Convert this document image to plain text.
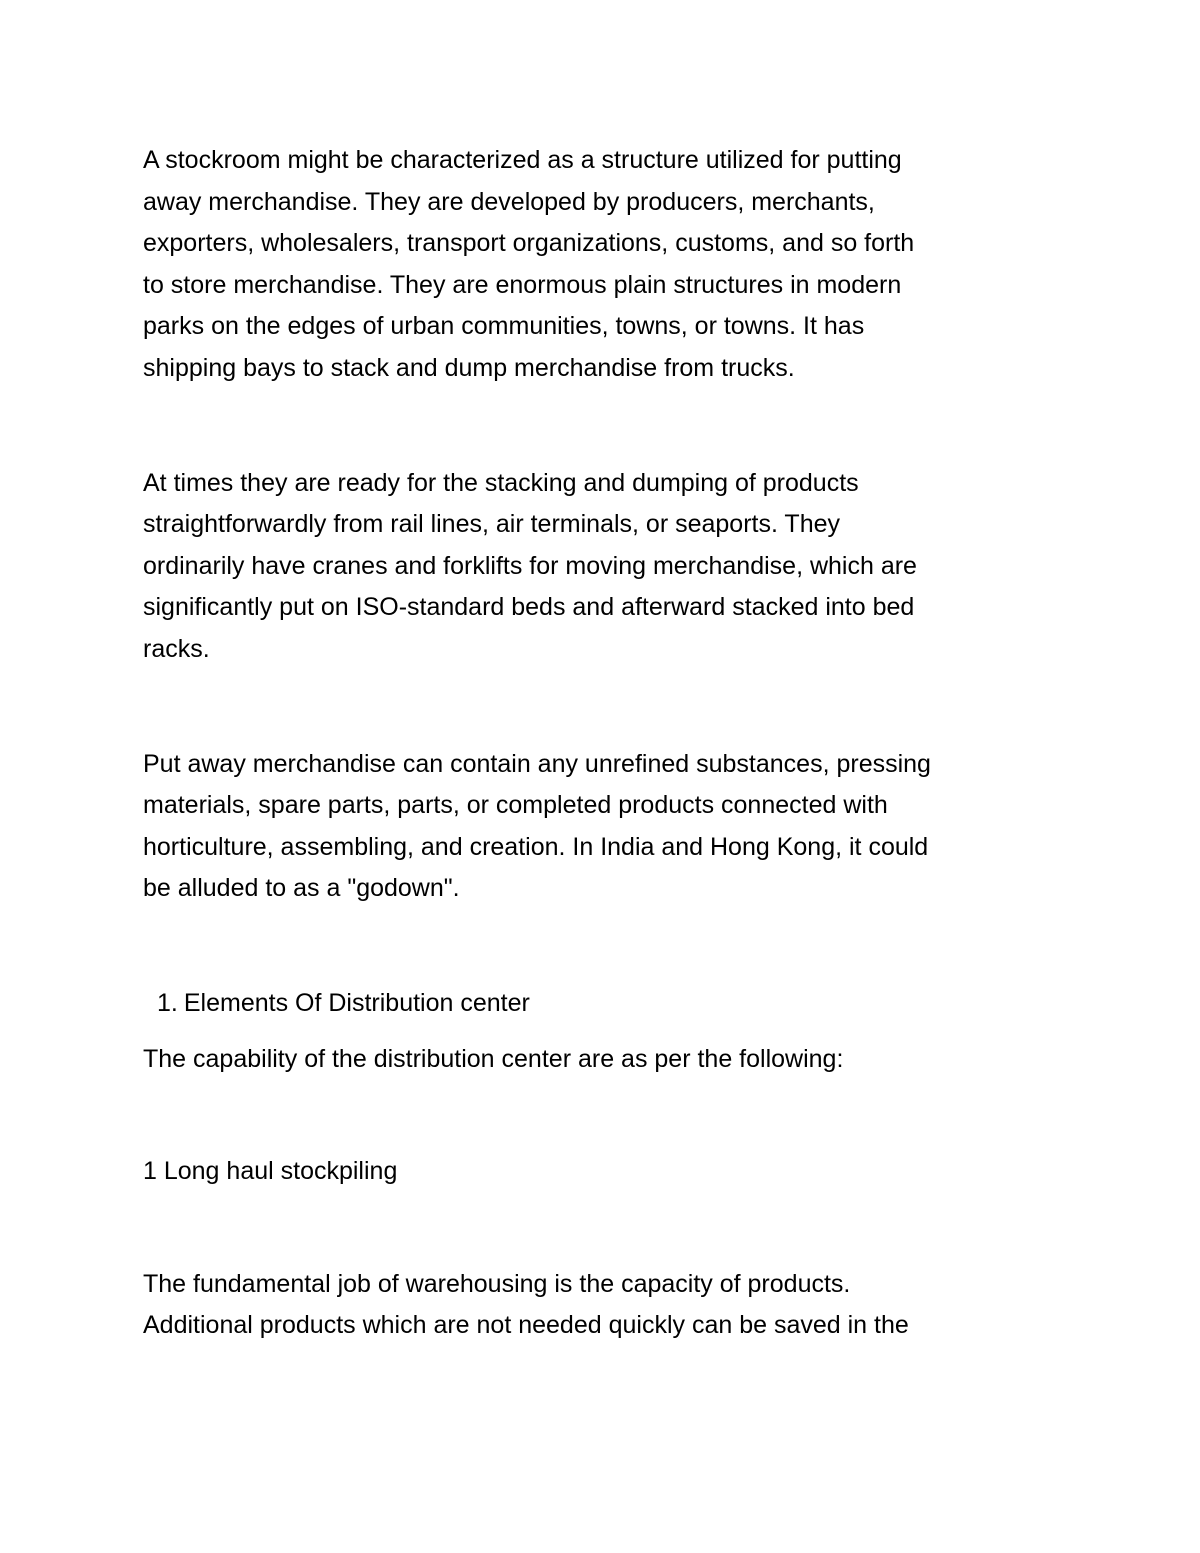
A stockroom might be characterized as a structure utilized for putting
away merchandise. They are developed by producers, merchants,
exporters, wholesalers, transport organizations, customs, and so forth
to store merchandise. They are enormous plain structures in modern
parks on the edges of urban communities, towns, or towns. It has
shipping bays to stack and dump merchandise from trucks.

At times they are ready for the stacking and dumping of products
straightforwardly from rail lines, air terminals, or seaports. They
ordinarily have cranes and forklifts for moving merchandise, which are
significantly put on ISO-standard beds and afterward stacked into bed
racks.

Put away merchandise can contain any unrefined substances, pressing
materials, spare parts, parts, or completed products connected with
horticulture, assembling, and creation. In India and Hong Kong, it could
be alluded to as a "godown".

1. Elements Of Distribution center

The capability of the distribution center are as per the following:

1 Long haul stockpiling

The fundamental job of warehousing is the capacity of products.
Additional products which are not needed quickly can be saved in the
